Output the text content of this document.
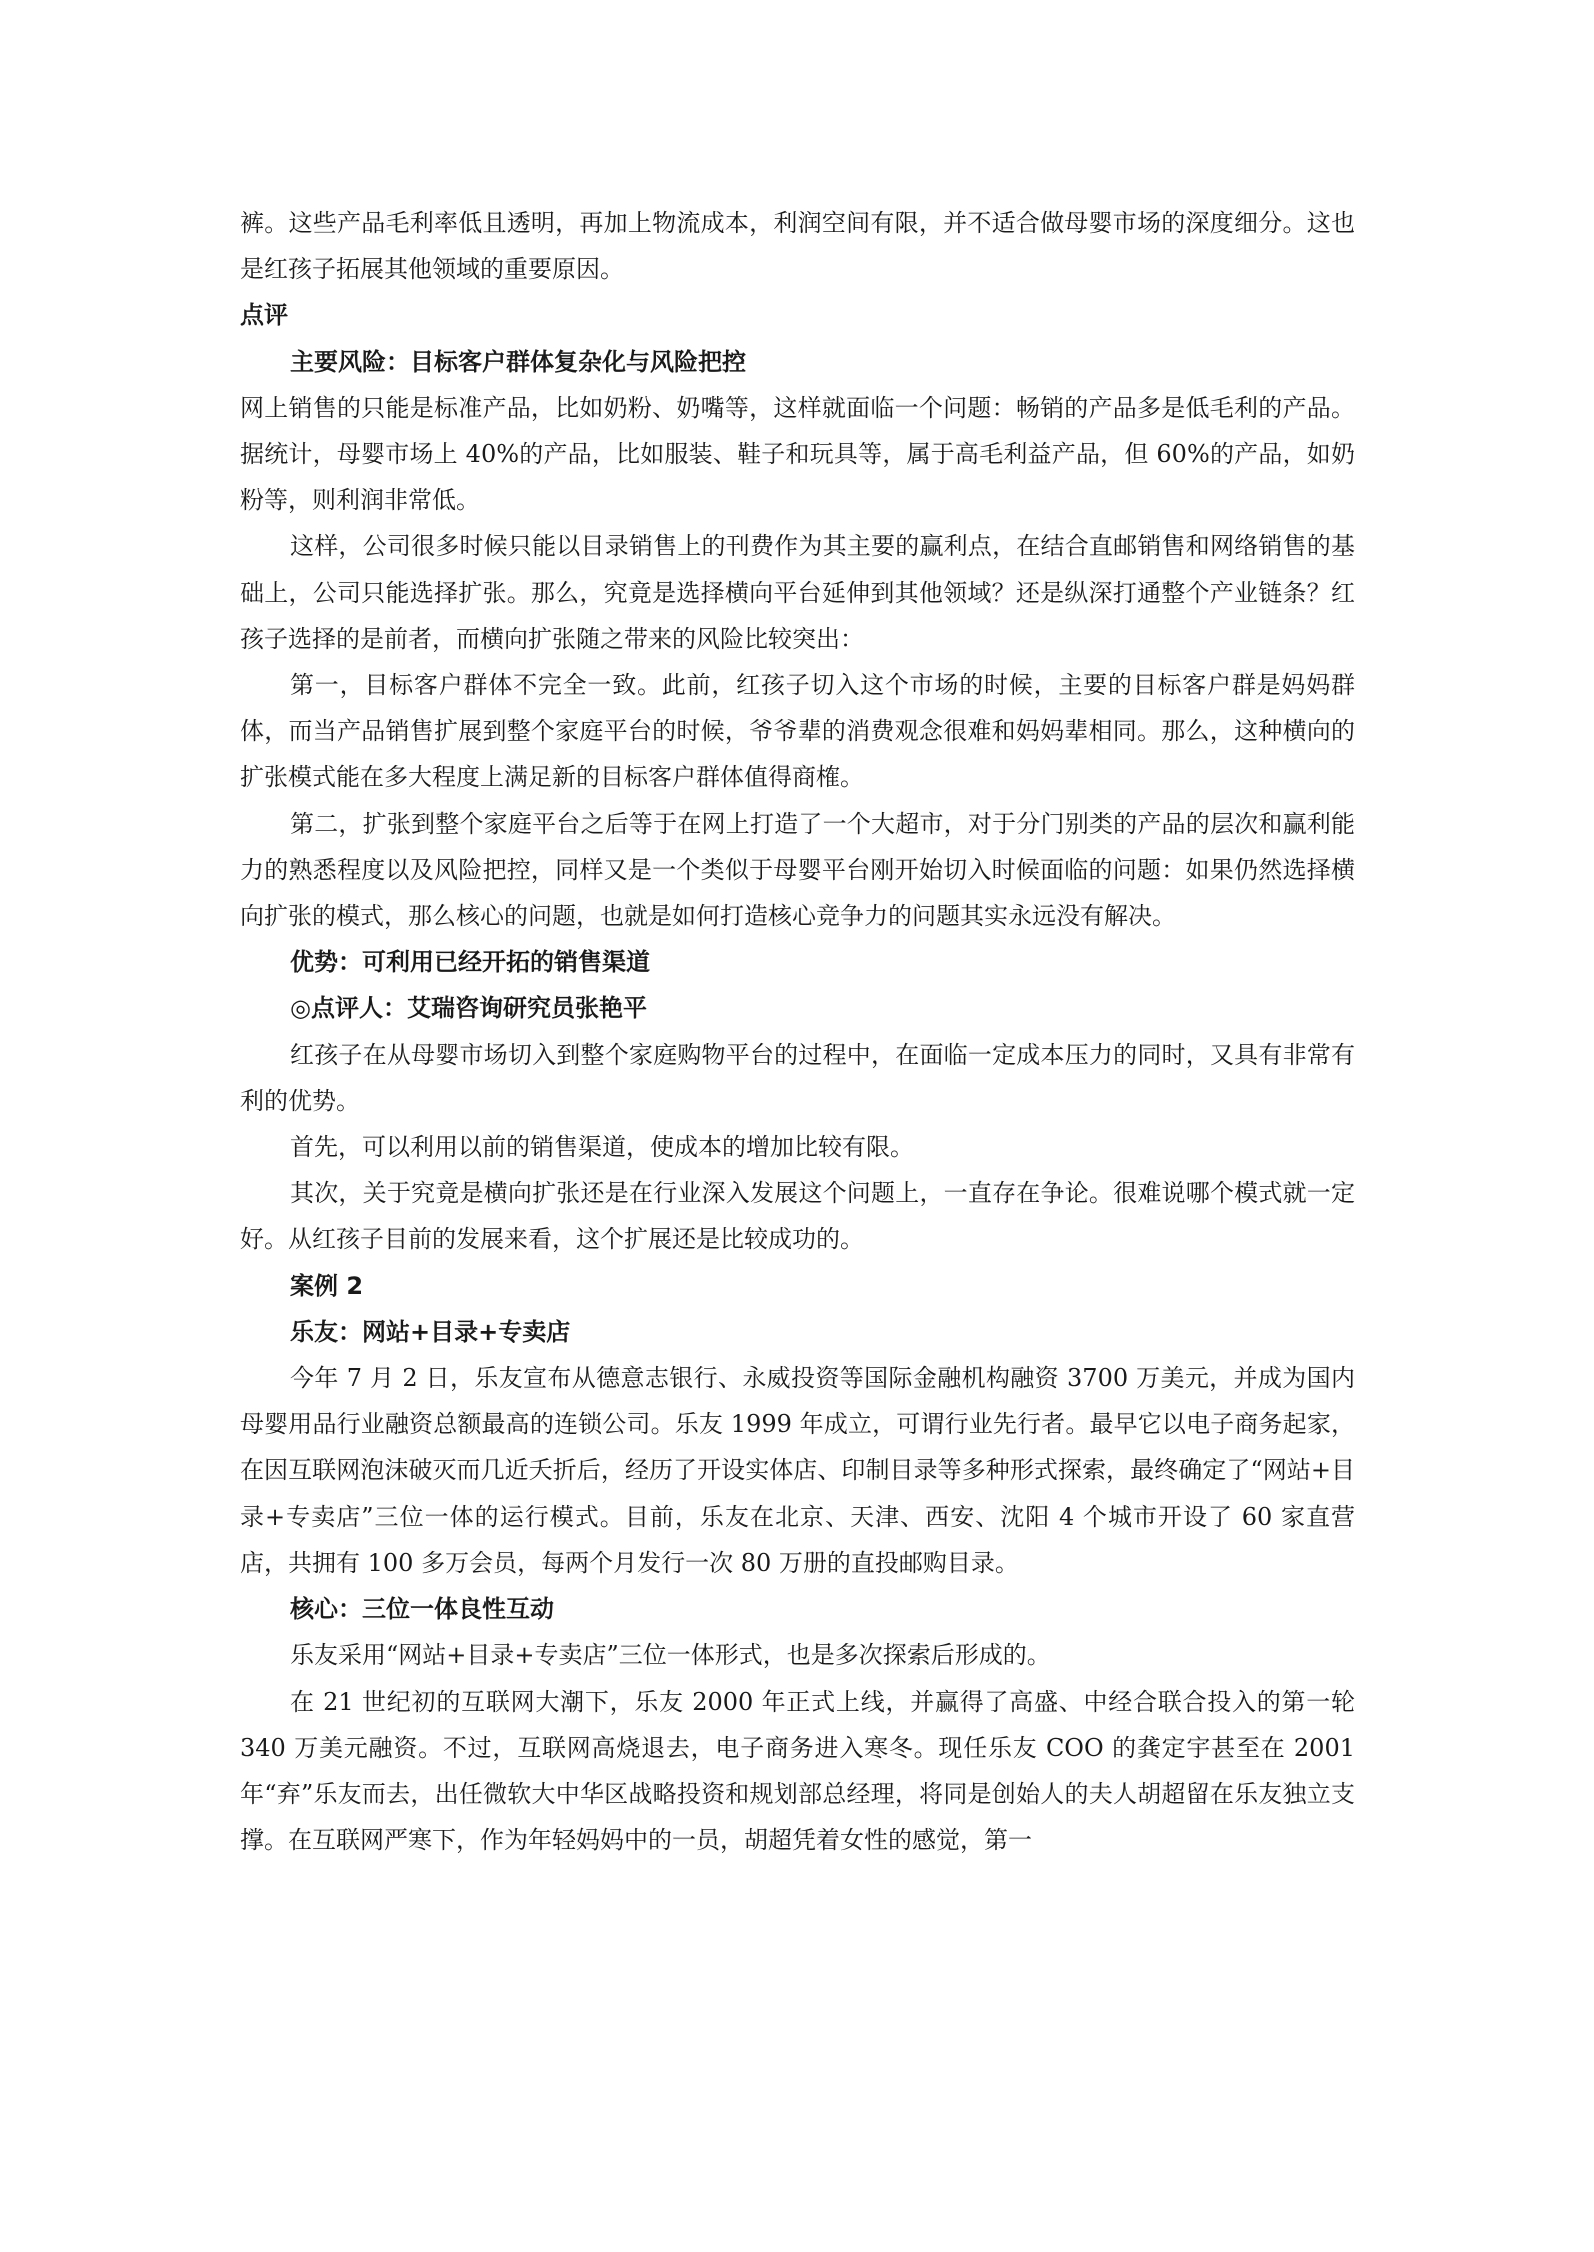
裤。这些产品毛利率低且透明，再加上物流成本，利润空间有限，并不适合做母婴市场的深度细分。这也是红孩子拓展其他领域的重要原因。

点评

主要风险：目标客户群体复杂化与风险把控

网上销售的只能是标准产品，比如奶粉、奶嘴等，这样就面临一个问题：畅销的产品多是低毛利的产品。据统计，母婴市场上 40%的产品，比如服装、鞋子和玩具等，属于高毛利益产品，但 60%的产品，如奶粉等，则利润非常低。

这样，公司很多时候只能以目录销售上的刊费作为其主要的赢利点，在结合直邮销售和网络销售的基础上，公司只能选择扩张。那么，究竟是选择横向平台延伸到其他领域？还是纵深打通整个产业链条？红孩子选择的是前者，而横向扩张随之带来的风险比较突出：

第一，目标客户群体不完全一致。此前，红孩子切入这个市场的时候，主要的目标客户群是妈妈群体，而当产品销售扩展到整个家庭平台的时候，爷爷辈的消费观念很难和妈妈辈相同。那么，这种横向的扩张模式能在多大程度上满足新的目标客户群体值得商榷。

第二，扩张到整个家庭平台之后等于在网上打造了一个大超市，对于分门别类的产品的层次和赢利能力的熟悉程度以及风险把控，同样又是一个类似于母婴平台刚开始切入时候面临的问题：如果仍然选择横向扩张的模式，那么核心的问题，也就是如何打造核心竞争力的问题其实永远没有解决。

优势：可利用已经开拓的销售渠道

◎点评人：艾瑞咨询研究员张艳平

红孩子在从母婴市场切入到整个家庭购物平台的过程中，在面临一定成本压力的同时，又具有非常有利的优势。

首先，可以利用以前的销售渠道，使成本的增加比较有限。

其次，关于究竟是横向扩张还是在行业深入发展这个问题上，一直存在争论。很难说哪个模式就一定好。从红孩子目前的发展来看，这个扩展还是比较成功的。

案例 2

乐友：网站+目录+专卖店

今年 7 月 2 日，乐友宣布从德意志银行、永威投资等国际金融机构融资 3700 万美元，并成为国内母婴用品行业融资总额最高的连锁公司。乐友 1999 年成立，可谓行业先行者。最早它以电子商务起家，在因互联网泡沫破灭而几近夭折后，经历了开设实体店、印制目录等多种形式探索，最终确定了“网站+目录+专卖店”三位一体的运行模式。目前，乐友在北京、天津、西安、沈阳 4 个城市开设了 60 家直营店，共拥有 100 多万会员，每两个月发行一次 80 万册的直投邮购目录。

核心：三位一体良性互动

乐友采用“网站+目录+专卖店”三位一体形式，也是多次探索后形成的。

在 21 世纪初的互联网大潮下，乐友 2000 年正式上线，并赢得了高盛、中经合联合投入的第一轮 340 万美元融资。不过，互联网高烧退去，电子商务进入寒冬。现任乐友 COO 的龚定宇甚至在 2001 年“弃”乐友而去，出任微软大中华区战略投资和规划部总经理，将同是创始人的夫人胡超留在乐友独立支撑。在互联网严寒下，作为年轻妈妈中的一员，胡超凭着女性的感觉，第一
